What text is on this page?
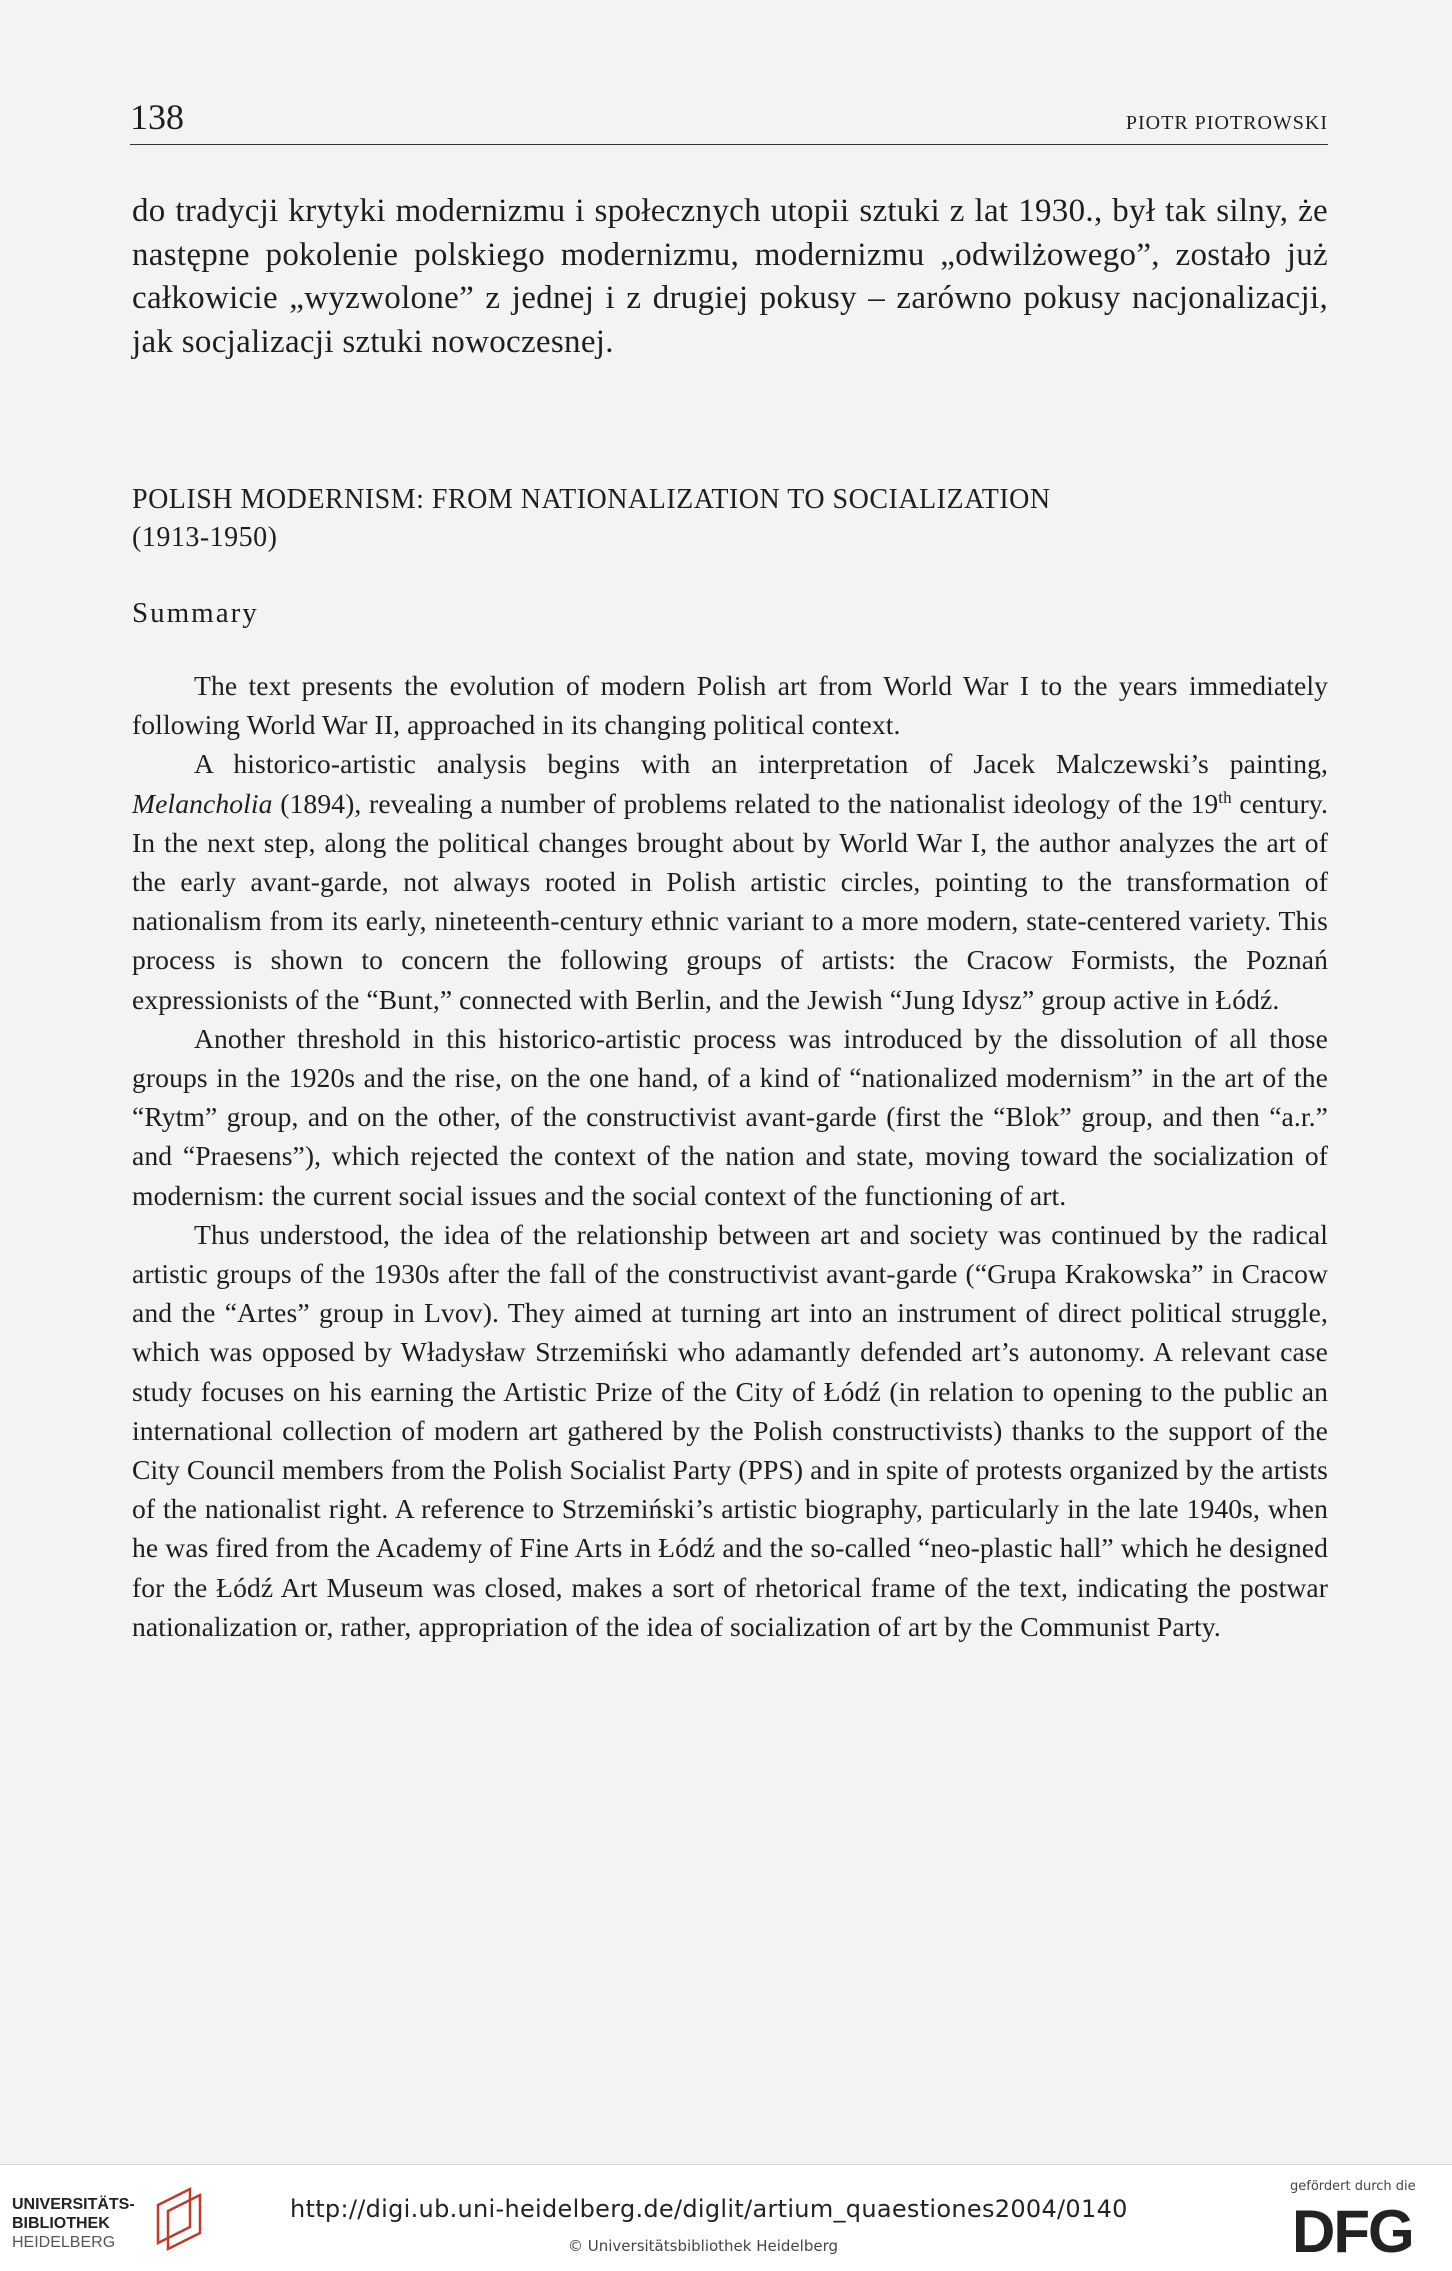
138	PIOTR PIOTROWSKI

do tradycji krytyki modernizmu i społecznych utopii sztuki z lat 1930., był tak silny, że następne pokolenie polskiego modernizmu, modernizmu „odwilżowego”, zostało już całkowicie „wyzwolone” z jednej i z drugiej pokusy – zarówno pokusy nacjonalizacji, jak socjalizacji sztuki nowoczesnej.

POLISH MODERNISM: FROM NATIONALIZATION TO SOCIALIZATION
(1913-1950)
Summary

The text presents the evolution of modern Polish art from World War I to the years immediately following World War II, approached in its changing political context.

A historico-artistic analysis begins with an interpretation of Jacek Malczewski’s painting, Melancholia (1894), revealing a number of problems related to the nationalist ideology of the 19th century. In the next step, along the political changes brought about by World War I, the author analyzes the art of the early avant-garde, not always rooted in Polish artistic circles, pointing to the transformation of nationalism from its early, nineteenth-century ethnic variant to a more modern, state-centered variety. This process is shown to concern the following groups of artists: the Cracow Formists, the Poznań expressionists of the “Bunt,” connected with Berlin, and the Jewish “Jung Idysz” group active in Łódź.

Another threshold in this historico-artistic process was introduced by the dissolution of all those groups in the 1920s and the rise, on the one hand, of a kind of “nationalized modernism” in the art of the “Rytm” group, and on the other, of the constructivist avant-garde (first the “Blok” group, and then “a.r.” and “Praesens”), which rejected the context of the nation and state, moving toward the socialization of modernism: the current social issues and the social context of the functioning of art.

Thus understood, the idea of the relationship between art and society was continued by the radical artistic groups of the 1930s after the fall of the constructivist avant-garde (“Grupa Krakowska” in Cracow and the “Artes” group in Lvov). They aimed at turning art into an instrument of direct political struggle, which was opposed by Władysław Strzemiński who adamantly defended art’s autonomy. A relevant case study focuses on his earning the Artistic Prize of the City of Łódź (in relation to opening to the public an international collection of modern art gathered by the Polish constructivists) thanks to the support of the City Council members from the Polish Socialist Party (PPS) and in spite of protests organized by the artists of the nationalist right. A reference to Strzemiński’s artistic biography, particularly in the late 1940s, when he was fired from the Academy of Fine Arts in Łódź and the so-called “neo-plastic hall” which he designed for the Łódź Art Museum was closed, makes a sort of rhetorical frame of the text, indicating the postwar nationalization or, rather, appropriation of the idea of socialization of art by the Communist Party.

UNIVERSITÄTS-
BIBLIOTHEK
HEIDELBERG
http://digi.ub.uni-heidelberg.de/diglit/artium_quaestiones2004/0140
© Universitätsbibliothek Heidelberg
gefördert durch die
DFG
